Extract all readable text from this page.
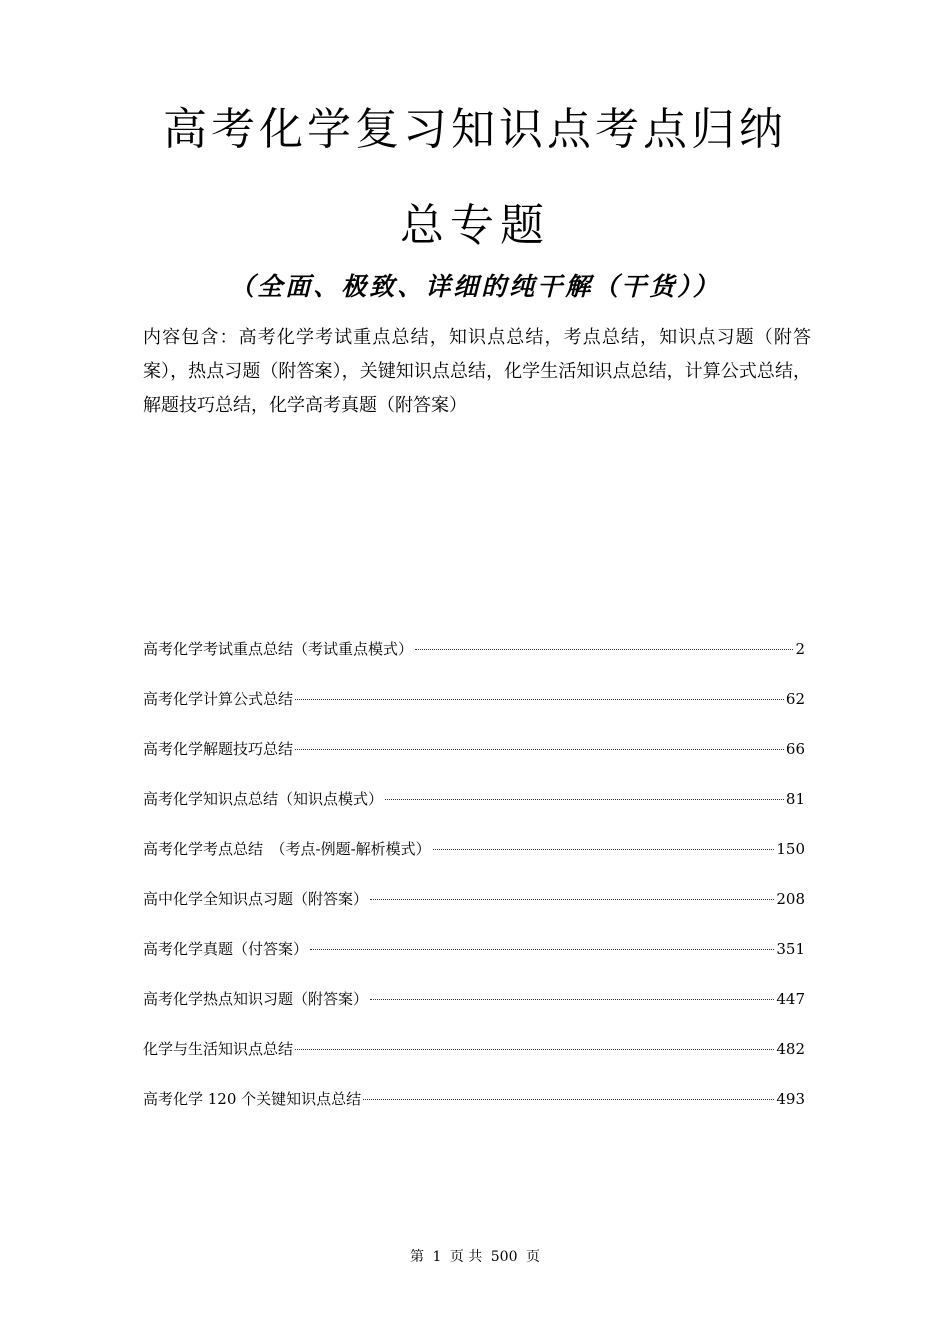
高考化学复习知识点考点归纳
总专题
（全面、极致、详细的纯干解（干货））
内容包含：高考化学考试重点总结，知识点总结，考点总结，知识点习题（附答案），热点习题（附答案），关键知识点总结，化学生活知识点总结，计算公式总结，解题技巧总结，化学高考真题（附答案）
高考化学考试重点总结（考试重点模式）	2
高考化学计算公式总结	62
高考化学解题技巧总结	66
高考化学知识点总结（知识点模式）	81
高考化学考点总结　（考点-例题-解析模式）	150
高中化学全知识点习题（附答案）	208
高考化学真题（付答案）	351
高考化学热点知识习题（附答案）	447
化学与生活知识点总结	482
高考化学 120 个关键知识点总结	493
第 1 页 共 500 页
